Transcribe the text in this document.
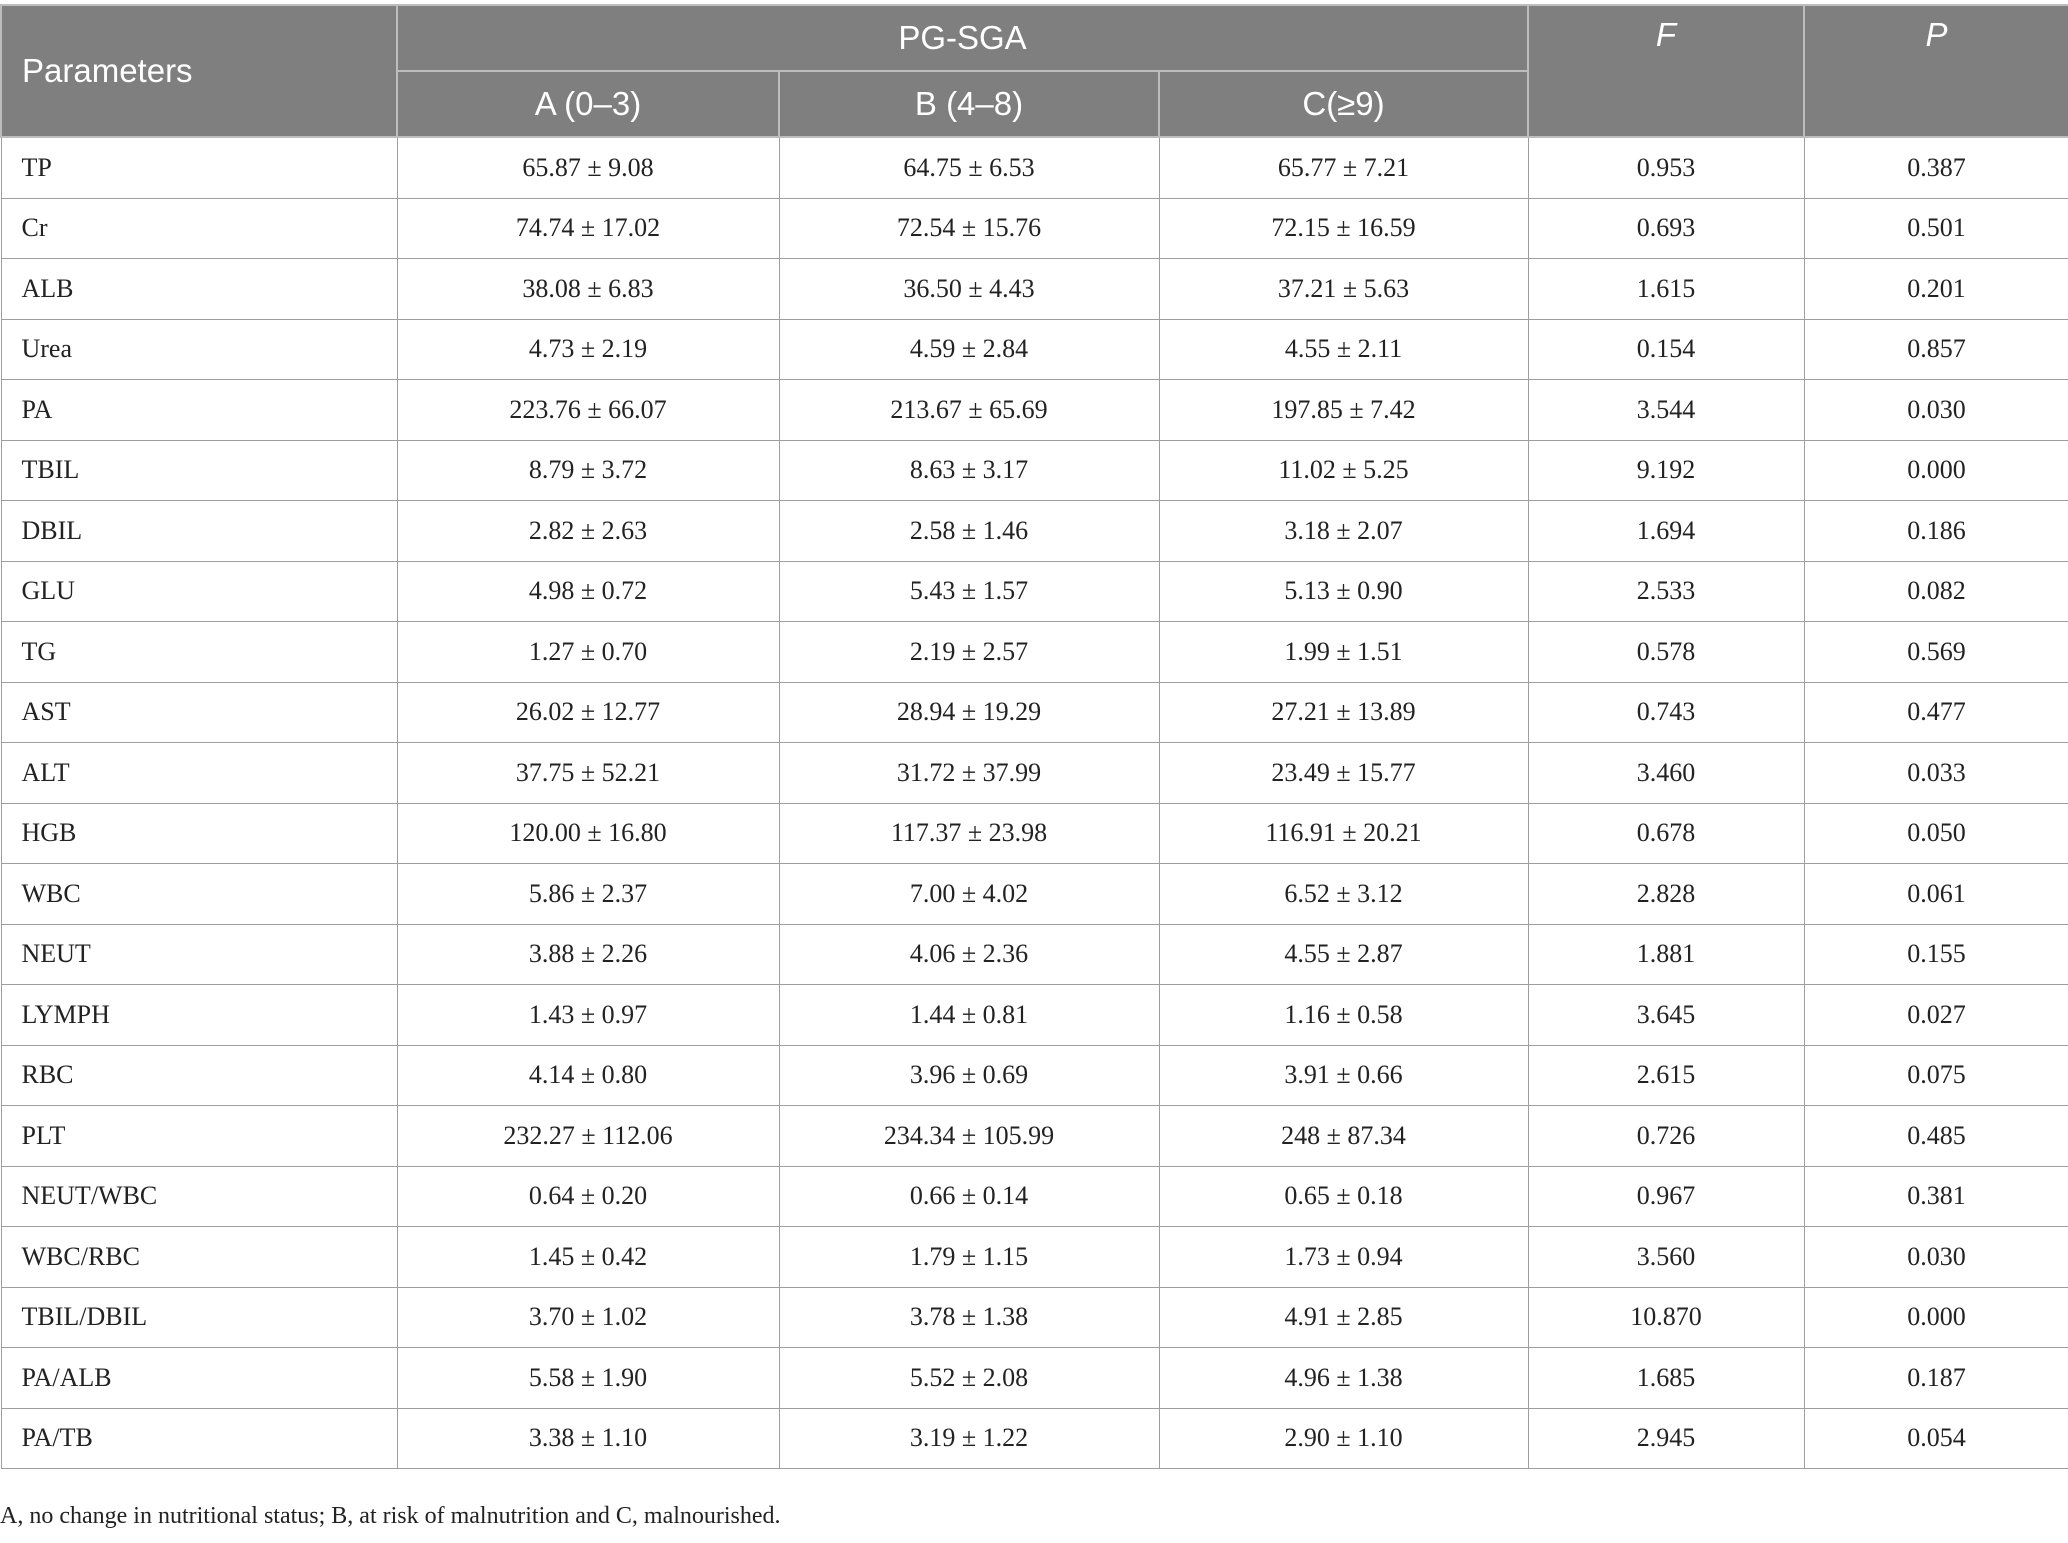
Parameters	PG-SGA			F	P
	A (0–3)	B (4–8)	C(≥9)		
TP	65.87 ± 9.08	64.75 ± 6.53	65.77 ± 7.21	0.953	0.387
Cr	74.74 ± 17.02	72.54 ± 15.76	72.15 ± 16.59	0.693	0.501
ALB	38.08 ± 6.83	36.50 ± 4.43	37.21 ± 5.63	1.615	0.201
Urea	4.73 ± 2.19	4.59 ± 2.84	4.55 ± 2.11	0.154	0.857
PA	223.76 ± 66.07	213.67 ± 65.69	197.85 ± 7.42	3.544	0.030
TBIL	8.79 ± 3.72	8.63 ± 3.17	11.02 ± 5.25	9.192	0.000
DBIL	2.82 ± 2.63	2.58 ± 1.46	3.18 ± 2.07	1.694	0.186
GLU	4.98 ± 0.72	5.43 ± 1.57	5.13 ± 0.90	2.533	0.082
TG	1.27 ± 0.70	2.19 ± 2.57	1.99 ± 1.51	0.578	0.569
AST	26.02 ± 12.77	28.94 ± 19.29	27.21 ± 13.89	0.743	0.477
ALT	37.75 ± 52.21	31.72 ± 37.99	23.49 ± 15.77	3.460	0.033
HGB	120.00 ± 16.80	117.37 ± 23.98	116.91 ± 20.21	0.678	0.050
WBC	5.86 ± 2.37	7.00 ± 4.02	6.52 ± 3.12	2.828	0.061
NEUT	3.88 ± 2.26	4.06 ± 2.36	4.55 ± 2.87	1.881	0.155
LYMPH	1.43 ± 0.97	1.44 ± 0.81	1.16 ± 0.58	3.645	0.027
RBC	4.14 ± 0.80	3.96 ± 0.69	3.91 ± 0.66	2.615	0.075
PLT	232.27 ± 112.06	234.34 ± 105.99	248 ± 87.34	0.726	0.485
NEUT/WBC	0.64 ± 0.20	0.66 ± 0.14	0.65 ± 0.18	0.967	0.381
WBC/RBC	1.45 ± 0.42	1.79 ± 1.15	1.73 ± 0.94	3.560	0.030
TBIL/DBIL	3.70 ± 1.02	3.78 ± 1.38	4.91 ± 2.85	10.870	0.000
PA/ALB	5.58 ± 1.90	5.52 ± 2.08	4.96 ± 1.38	1.685	0.187
PA/TB	3.38 ± 1.10	3.19 ± 1.22	2.90 ± 1.10	2.945	0.054
A, no change in nutritional status; B, at risk of malnutrition and C, malnourished.
